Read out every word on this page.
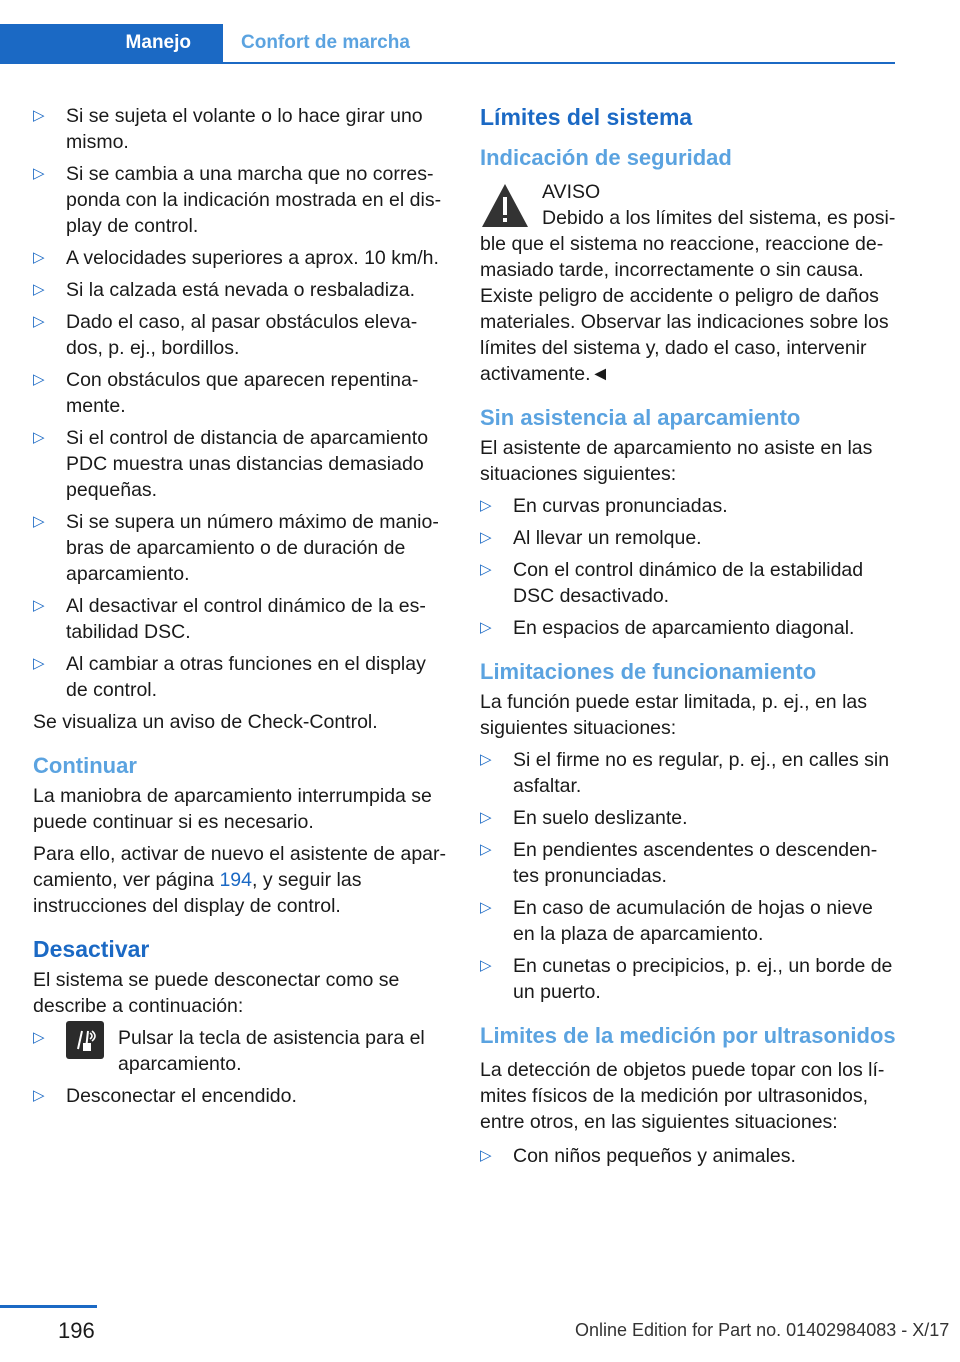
Manejo	Confort de marcha
▷	Si se sujeta el volante o lo hace girar uno mismo.
▷	Si se cambia a una marcha que no corres‐ponda con la indicación mostrada en el dis‐play de control.
▷	A velocidades superiores a aprox. 10 km/h.
▷	Si la calzada está nevada o resbaladiza.
▷	Dado el caso, al pasar obstáculos eleva‐dos, p. ej., bordillos.
▷	Con obstáculos que aparecen repentina‐mente.
▷	Si el control de distancia de aparcamiento PDC muestra unas distancias demasiado pequeñas.
▷	Si se supera un número máximo de manio‐bras de aparcamiento o de duración de aparcamiento.
▷	Al desactivar el control dinámico de la es‐tabilidad DSC.
▷	Al cambiar a otras funciones en el display de control.

Se visualiza un aviso de Check-Control.

Continuar

La maniobra de aparcamiento interrumpida se puede continuar si es necesario.

Para ello, activar de nuevo el asistente de apar‐camiento, ver página 194, y seguir las instrucciones del display de control.

Desactivar

El sistema se puede desconectar como se describe a continuación:

▷	Pulsar la tecla de asistencia para el aparcamiento.
▷	Desconectar el encendido.
Límites del sistema
Indicación de seguridad
AVISO
Debido a los límites del sistema, es posi‐

ble que el sistema no reaccione, reaccione de‐masiado tarde, incorrectamente o sin causa. Existe peligro de accidente o peligro de daños materiales. Observar las indicaciones sobre los límites del sistema y, dado el caso, intervenir activamente.◄

Sin asistencia al aparcamiento

El asistente de aparcamiento no asiste en las situaciones siguientes:

▷	En curvas pronunciadas.
▷	Al llevar un remolque.
▷	Con el control dinámico de la estabilidad DSC desactivado.
▷	En espacios de aparcamiento diagonal.
Limitaciones de funcionamiento

La función puede estar limitada, p. ej., en las siguientes situaciones:

▷	Si el firme no es regular, p. ej., en calles sin asfaltar.
▷	En suelo deslizante.
▷	En pendientes ascendentes o descenden‐tes pronunciadas.
▷	En caso de acumulación de hojas o nieve en la plaza de aparcamiento.
▷	En cunetas o precipicios, p. ej., un borde de un puerto.
Limites de la medición por ultrasonidos

La detección de objetos puede topar con los lí‐mites físicos de la medición por ultrasonidos, entre otros, en las siguientes situaciones:

▷	Con niños pequeños y animales.
196	Online Edition for Part no. 01402984083 - X/17
